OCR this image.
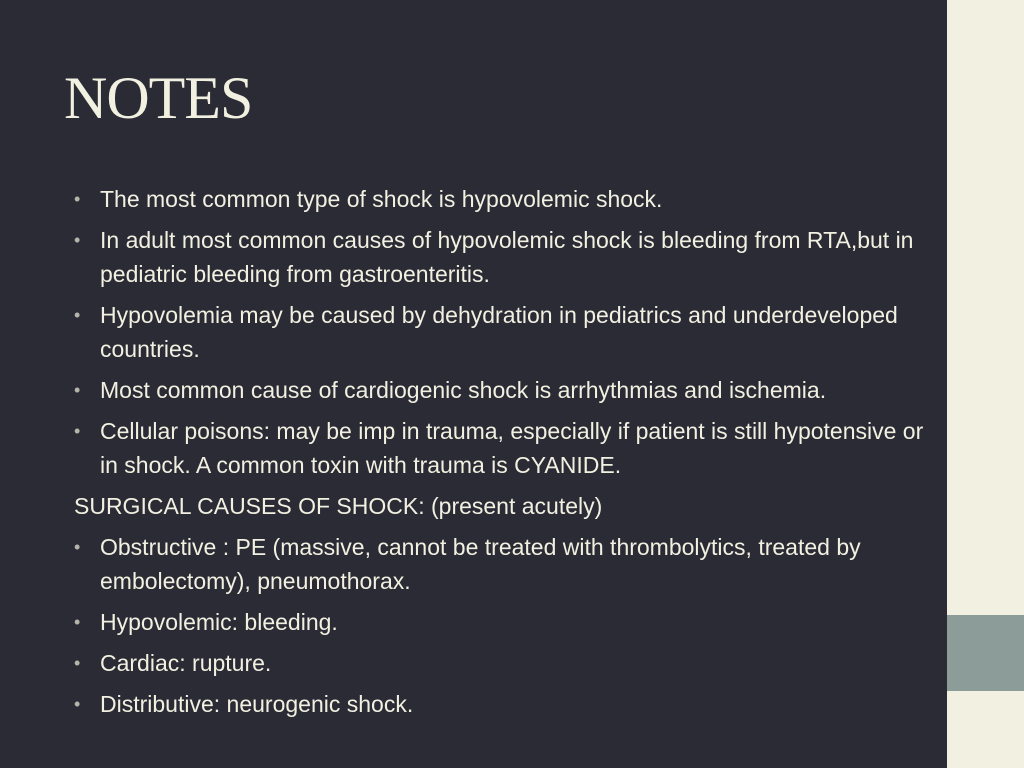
NOTES
• The most common type of shock is hypovolemic shock.
• In adult most common causes of hypovolemic shock is bleeding from RTA,but in pediatric bleeding from gastroenteritis.
• Hypovolemia may be caused by dehydration in pediatrics and underdeveloped countries.
• Most common cause of cardiogenic shock is arrhythmias and ischemia.
• Cellular poisons: may be imp in trauma, especially if patient is still hypotensive or in shock. A common toxin with trauma is CYANIDE.
SURGICAL CAUSES OF SHOCK: (present acutely)
• Obstructive : PE (massive, cannot be treated with thrombolytics, treated by embolectomy), pneumothorax.
• Hypovolemic: bleeding.
• Cardiac: rupture.
• Distributive: neurogenic shock.
